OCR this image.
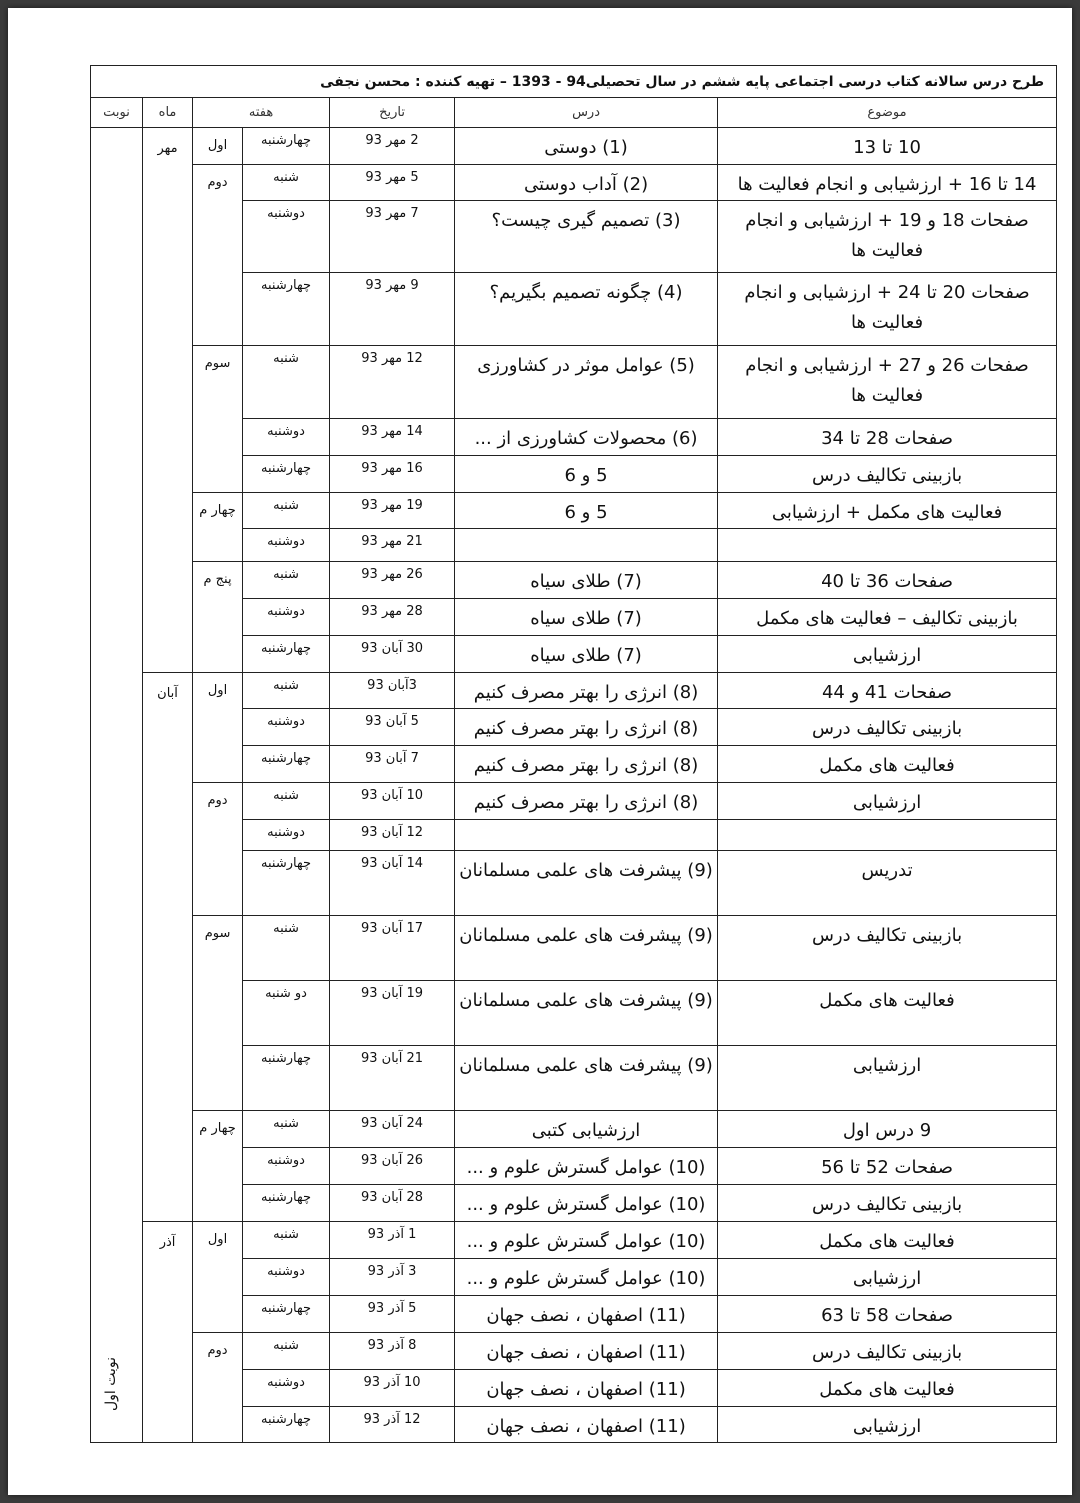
طرح درس سالانه کتاب درسی اجتماعی پایه ششم در سال تحصیلی94 - 1393 – تهیه کننده : محسن نجفی						
موضوع	درس	تاریخ	هفته		ماه	نوبت
10 تا 13	(1) دوستی	2 مهر 93	چهارشنبه	اول	مهر	نوبت اول
14 تا 16 + ارزشیابی و انجام فعالیت ها	(2) آداب دوستی	5 مهر 93	شنبه	دوم		
صفحات 18 و 19 + ارزشیابی و انجام فعالیت ها	(3) تصمیم گیری چیست؟	7 مهر 93	دوشنبه			
صفحات 20 تا 24 + ارزشیابی و انجام فعالیت ها	(4) چگونه تصمیم بگیریم؟	9 مهر 93	چهارشنبه			
صفحات 26 و 27 + ارزشیابی و انجام فعالیت ها	(5) عوامل موثر در کشاورزی	12 مهر 93	شنبه	سوم		
صفحات 28 تا 34	(6) محصولات کشاورزی از ...	14 مهر 93	دوشنبه			
بازبینی تکالیف درس	5 و 6	16 مهر 93	چهارشنبه			
فعالیت های مکمل + ارزشیابی	5 و 6	19 مهر 93	شنبه	چهار م		
		21 مهر 93	دوشنبه			
صفحات 36 تا 40	(7) طلای سیاه	26 مهر 93	شنبه	پنج م		
بازبینی تکالیف – فعالیت های مکمل	(7) طلای سیاه	28 مهر 93	دوشنبه			
ارزشیابی	(7) طلای سیاه	30 آبان 93	چهارشنبه			
صفحات 41 و 44	(8) انرژی را بهتر مصرف کنیم	3آبان 93	شنبه	اول	آبان	
بازبینی تکالیف درس	(8) انرژی را بهتر مصرف کنیم	5 آبان 93	دوشنبه			
فعالیت های مکمل	(8) انرژی را بهتر مصرف کنیم	7 آبان 93	چهارشنبه			
ارزشیابی	(8) انرژی را بهتر مصرف کنیم	10 آبان 93	شنبه	دوم		
		12 آبان 93	دوشنبه			
تدریس	(9) پیشرفت های علمی مسلمانان	14 آبان 93	چهارشنبه			
بازبینی تکالیف درس	(9) پیشرفت های علمی مسلمانان	17 آبان 93	شنبه	سوم		
فعالیت های مکمل	(9) پیشرفت های علمی مسلمانان	19 آبان 93	دو شنبه			
ارزشیابی	(9) پیشرفت های علمی مسلمانان	21 آبان 93	چهارشنبه			
9 درس اول	ارزشیابی کتبی	24 آبان 93	شنبه	چهار م		
صفحات 52 تا 56	(10) عوامل گسترش علوم و ...	26 آبان 93	دوشنبه			
بازبینی تکالیف درس	(10) عوامل گسترش علوم و ...	28 آبان 93	چهارشنبه			
فعالیت های مکمل	(10) عوامل گسترش علوم و ...	1 آذر 93	شنبه	اول	آذر	
ارزشیابی	(10) عوامل گسترش علوم و ...	3 آذر 93	دوشنبه			
صفحات 58 تا 63	(11) اصفهان ، نصف جهان	5 آذر 93	چهارشنبه			
بازبینی تکالیف درس	(11) اصفهان ، نصف جهان	8 آذر 93	شنبه	دوم		
فعالیت های مکمل	(11) اصفهان ، نصف جهان	10 آذر 93	دوشنبه			
ارزشیابی	(11) اصفهان ، نصف جهان	12 آذر 93	چهارشنبه			
